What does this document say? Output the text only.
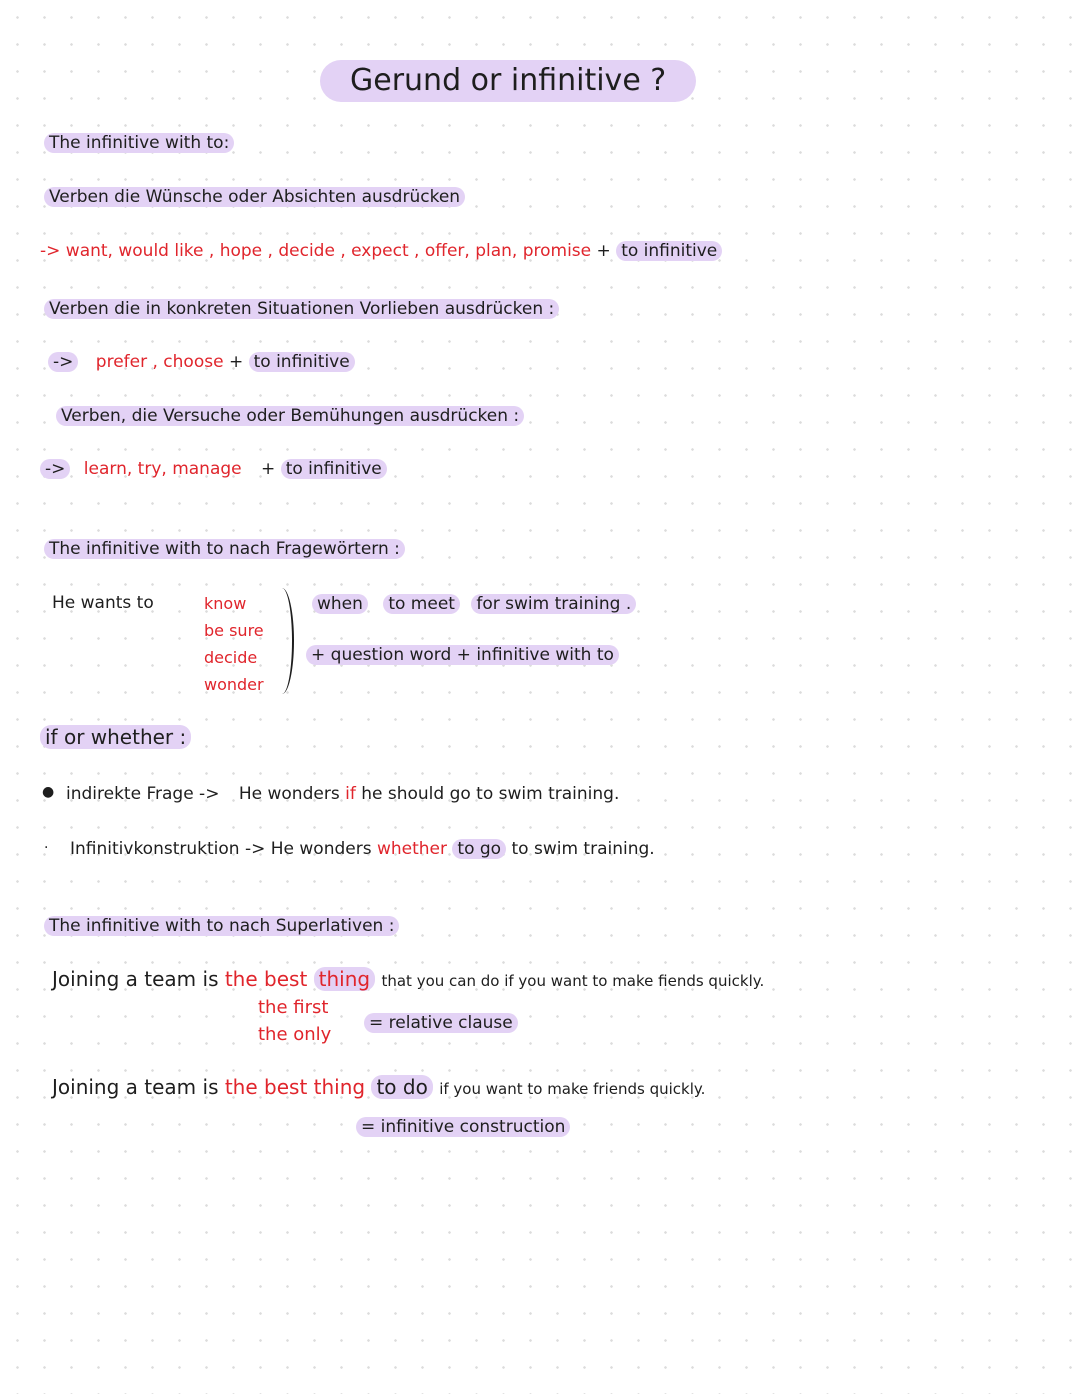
Gerund or infinitive ?
The infinitive with to:
Verben die Wünsche oder Absichten ausdrücken
-> want, would like , hope , decide , expect , offer, plan, promise + to infinitive
Verben die in konkreten Situationen Vorlieben ausdrücken :
-> prefer , choose + to infinitive
Verben, die Versuche oder Bemühungen ausdrücken :
-> learn, try, manage + to infinitive
The infinitive with to nach Fragewörtern :
He wants to	know
be sure
decide
wonder
when to meet for swim training .
+ question word + infinitive with to
if or whether :
● indirekte Frage -> He wonders if he should go to swim training.
· Infinitivkonstruktion -> He wonders whether to go to swim training.
The infinitive with to nach Superlativen :
Joining a team is the best thing that you can do if you want to make fiends quickly.
the first
the only
= relative clause
Joining a team is the best thing to do if you want to make friends quickly.
= infinitive construction
